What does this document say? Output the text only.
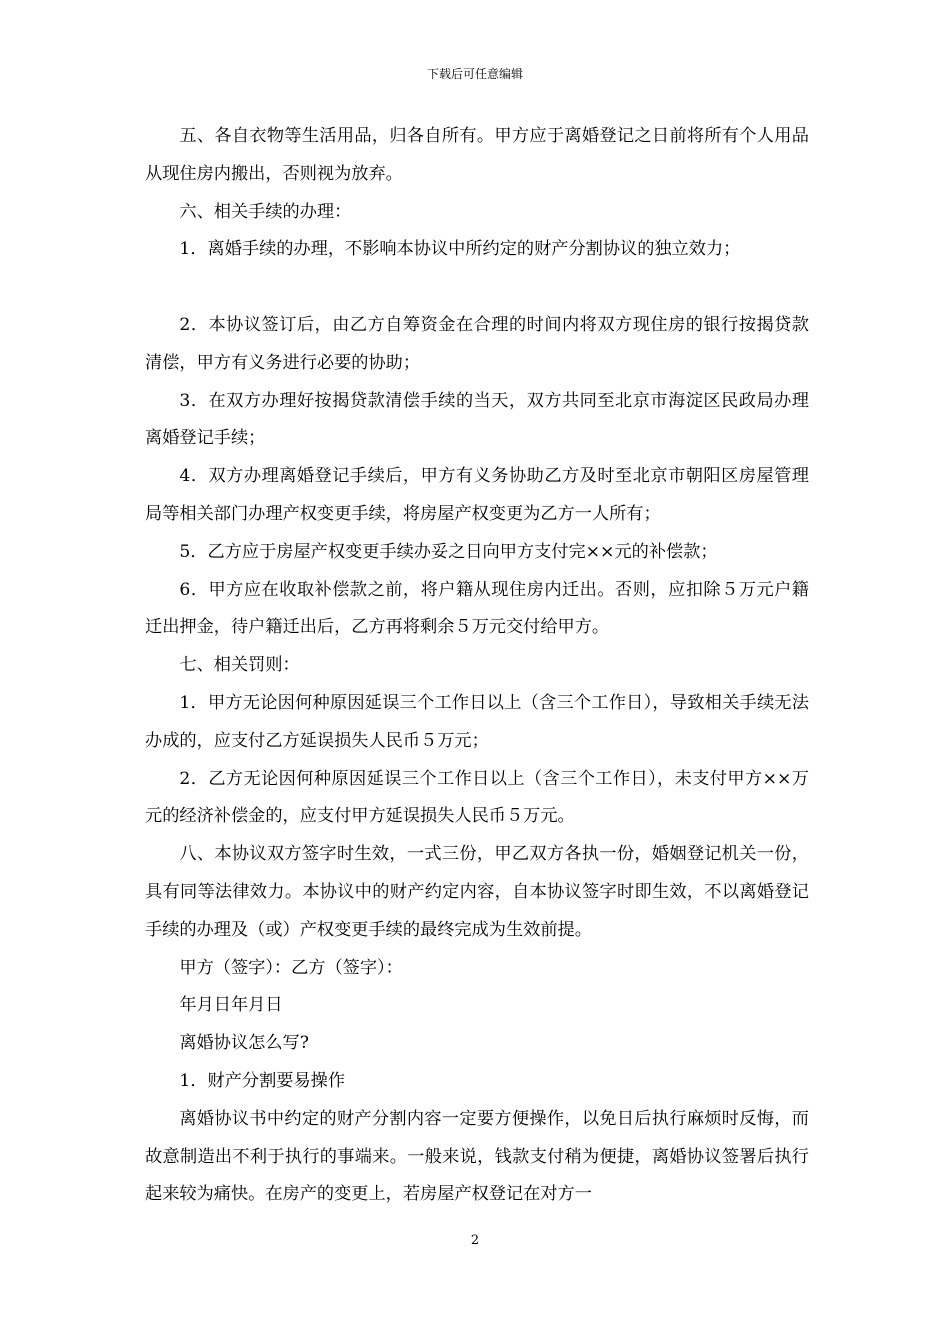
下载后可任意编辑

五、各自衣物等生活用品，归各自所有。甲方应于离婚登记之日前将所有个人用品从现住房内搬出，否则视为放弃。

六、相关手续的办理：

1．离婚手续的办理，不影响本协议中所约定的财产分割协议的独立效力；

2．本协议签订后，由乙方自筹资金在合理的时间内将双方现住房的银行按揭贷款清偿，甲方有义务进行必要的协助；

3．在双方办理好按揭贷款清偿手续的当天，双方共同至北京市海淀区民政局办理离婚登记手续；

4．双方办理离婚登记手续后，甲方有义务协助乙方及时至北京市朝阳区房屋管理局等相关部门办理产权变更手续，将房屋产权变更为乙方一人所有；

5．乙方应于房屋产权变更手续办妥之日向甲方支付完××元的补偿款；

6．甲方应在收取补偿款之前，将户籍从现住房内迁出。否则，应扣除５万元户籍迁出押金，待户籍迁出后，乙方再将剩余５万元交付给甲方。

七、相关罚则：

1．甲方无论因何种原因延误三个工作日以上（含三个工作日），导致相关手续无法办成的，应支付乙方延误损失人民币５万元；

2．乙方无论因何种原因延误三个工作日以上（含三个工作日），未支付甲方××万元的经济补偿金的，应支付甲方延误损失人民币５万元。

八、本协议双方签字时生效，一式三份，甲乙双方各执一份，婚姻登记机关一份，具有同等法律效力。本协议中的财产约定内容，自本协议签字时即生效，不以离婚登记手续的办理及（或）产权变更手续的最终完成为生效前提。

甲方（签字）：乙方（签字）：

年月日年月日

离婚协议怎么写?

1．财产分割要易操作

离婚协议书中约定的财产分割内容一定要方便操作，以免日后执行麻烦时反悔，而故意制造出不利于执行的事端来。一般来说，钱款支付稍为便捷，离婚协议签署后执行起来较为痛快。在房产的变更上，若房屋产权登记在对方一

2
